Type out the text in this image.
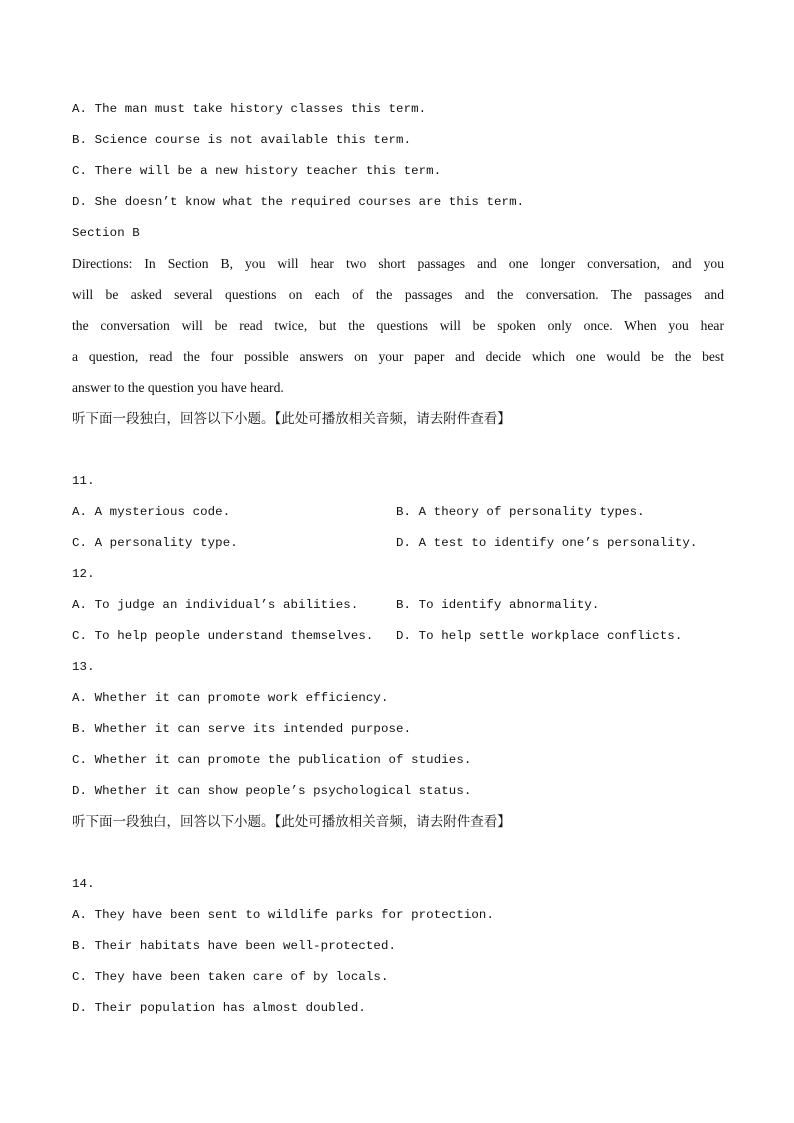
A. The man must take history classes this term.
B. Science course is not available this term.
C. There will be a new history teacher this term.
D. She doesn’t know what the required courses are this term.
Section B
Directions: In Section B, you will hear two short passages and one longer conversation, and you
will be asked several questions on each of the passages and the conversation. The passages and
the conversation will be read twice, but the questions will be spoken only once. When you hear
a question, read the four possible answers on your paper and decide which one would be the best
answer to the question you have heard.
听下面一段独白，回答以下小题。【此处可播放相关音频，请去附件查看】
11.
A. A mysterious code.	B. A theory of personality types.
C. A personality type.	D. A test to identify one’s personality.
12.
A. To judge an individual’s abilities.	B. To identify abnormality.
C. To help people understand themselves.	D. To help settle workplace conflicts.
13.
A. Whether it can promote work efficiency.
B. Whether it can serve its intended purpose.
C. Whether it can promote the publication of studies.
D. Whether it can show people’s psychological status.
听下面一段独白，回答以下小题。【此处可播放相关音频，请去附件查看】
14.
A. They have been sent to wildlife parks for protection.
B. Their habitats have been well-protected.
C. They have been taken care of by locals.
D. Their population has almost doubled.
